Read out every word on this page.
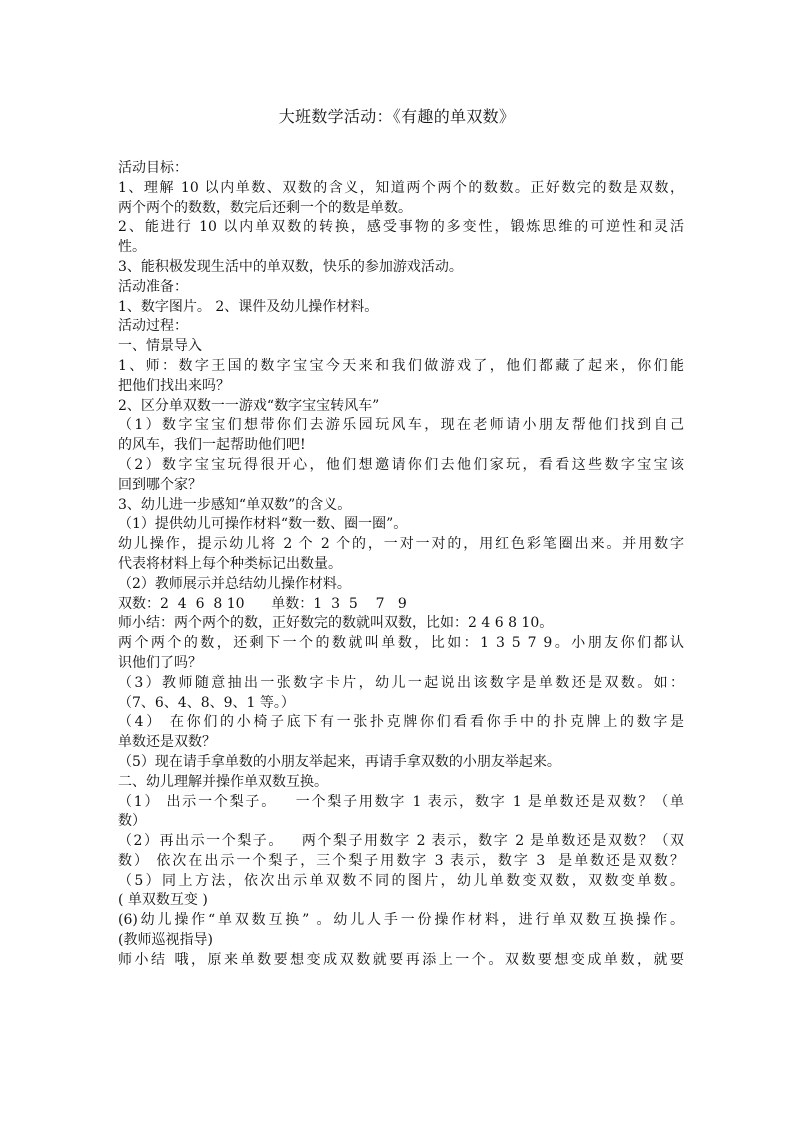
大班数学活动：《有趣的单双数》
活动目标：
1、理解 10 以内单数、双数的含义，知道两个两个的数数。正好数完的数是双数，
两个两个的数数，数完后还剩一个的数是单数。
2、能进行 10 以内单双数的转换，感受事物的多变性，锻炼思维的可逆性和灵活
性。
3、能积极发现生活中的单双数，快乐的参加游戏活动。
活动准备：
1、数字图片。 2、课件及幼儿操作材料。
活动过程：
一、情景导入
1、师：数字王国的数字宝宝今天来和我们做游戏了，他们都藏了起来，你们能
把他们找出来吗？
2、区分单双数一一游戏“数字宝宝转风车”
（1）数字宝宝们想带你们去游乐园玩风车，现在老师请小朋友帮他们找到自己
的风车，我们一起帮助他们吧!
（2）数字宝宝玩得很开心，他们想邀请你们去他们家玩，看看这些数字宝宝该
回到哪个家？
3、幼儿进一步感知“单双数”的含义。
（1）提供幼儿可操作材料“数一数、圈一圈”。
幼儿操作，提示幼儿将 2 个 2 个的，一对一对的，用红色彩笔圈出来。并用数字
代表将材料上每个种类标记出数量。
（2）教师展示并总结幼儿操作材料。
双数：2  4  6  8 10      单数：1  3  5    7   9
师小结：两个两个的数，正好数完的数就叫双数，比如：2 4 6 8 10。
两个两个的数，还剩下一个的数就叫单数，比如：1 3 5 7 9。小朋友你们都认
识他们了吗？
（3）教师随意抽出一张数字卡片，幼儿一起说出该数字是单数还是双数。如：
（7、6、4、8、9、1 等。）
（4） 在你们的小椅子底下有一张扑克牌你们看看你手中的扑克牌上的数字是
单数还是双数？
（5）现在请手拿单数的小朋友举起来，再请手拿双数的小朋友举起来。
二、幼儿理解并操作单双数互换。
（1） 出示一个梨子。   一个梨子用数字 1 表示，数字 1 是单数还是双数？（单
数）
（2）再出示一个梨子。   两个梨子用数字 2 表示，数字 2 是单数还是双数？（双
数） 依次在出示一个梨子，三个梨子用数字 3 表示，数字 3  是单数还是双数？
（5）同上方法，依次出示单双数不同的图片，幼儿单数变双数，双数变单数。
( 单双数互变 )
(6)幼儿操作“单双数互换” 。幼儿人手一份操作材料，进行单双数互换操作。
(教师巡视指导)
师小结 哦，原来单数要想变成双数就要再添上一个。双数要想变成单数，就要
